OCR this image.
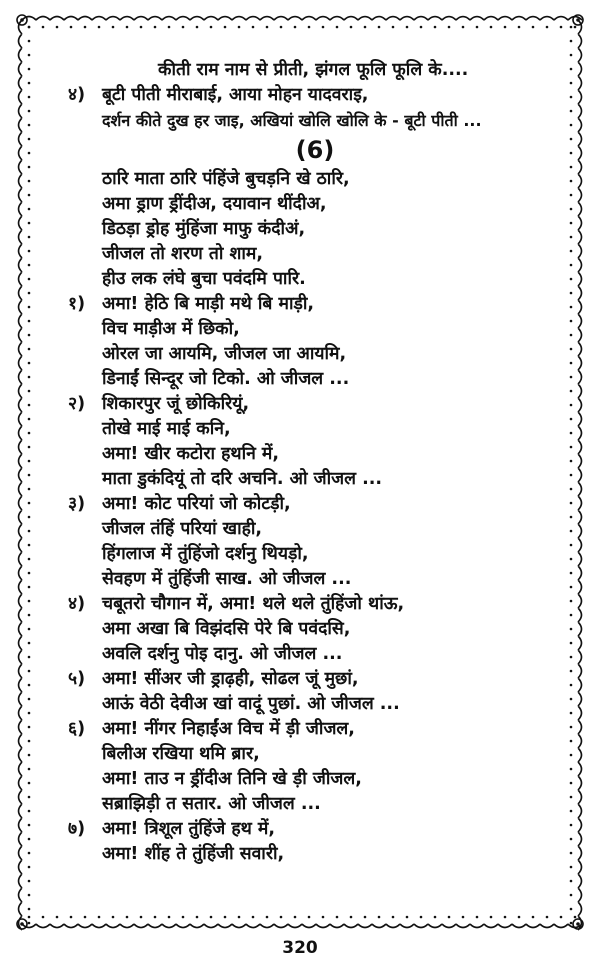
कीती राम नाम से प्रीती, झंगल फूलि फूलि के....
४) बूटी पीती मीराबाई, आया मोहन यादवराइ,
दर्शन कीते दुख हर जाइ, अखियां खोलि खोलि के - बूटी पीती ...
(6)
ठारि माता ठारि पंहिंजे बुचड़नि खे ठारि,
अमा ड्राण ड्रींदीअ, दयावान थींदीअ,
डिठड़ा ड्रोह मुंहिंजा माफु कंदीअं,
जीजल तो शरण तो शाम,
हीउ लक लंघे बुचा पवंदमि पारि.
१) अमा! हेठि बि माड़ी मथे बि माड़ी,
विच माड़ीअ में छिको,
ओरल जा आयमि, जीजल जा आयमि,
डिनाईं सिन्दूर जो टिको. ओ जीजल ...
२) शिकारपुर जूं छोकिरियूं,
तोखे माई माई कनि,
अमा! खीर कटोरा हथनि में,
माता डुकंदियूं तो दरि अचनि. ओ जीजल ...
३) अमा! कोट परियां जो कोटड़ी,
जीजल तंहिं परियां खाही,
हिंगलाज में तुंहिंजो दर्शनु थियड़ो,
सेवहण में तुंहिंजी साख. ओ जीजल ...
४) चबूतरो चौगान में, अमा! थले थले तुंहिंजो थांऊ,
अमा अखा बि विझंदसि पेरे बि पवंदसि,
अवलि दर्शनु पोइ दानु. ओ जीजल ...
५) अमा! सींअर जी ड्राढ़ही, सोढल जूं मुछां,
आऊं वेठी देवीअ खां वादूं पुछां. ओ जीजल ...
६) अमा! नींगर निहाईंअ विच में ड़ी जीजल,
बिलीअ रखिया थमि ब्रार,
अमा! ताउ न ड्रींदीअ तिनि खे ड़ी जीजल,
सब्राझिड़ी त सतार. ओ जीजल ...
७) अमा! त्रिशूल तुंहिंजे हथ में,
अमा! शींह ते तुंहिंजी सवारी,
320
